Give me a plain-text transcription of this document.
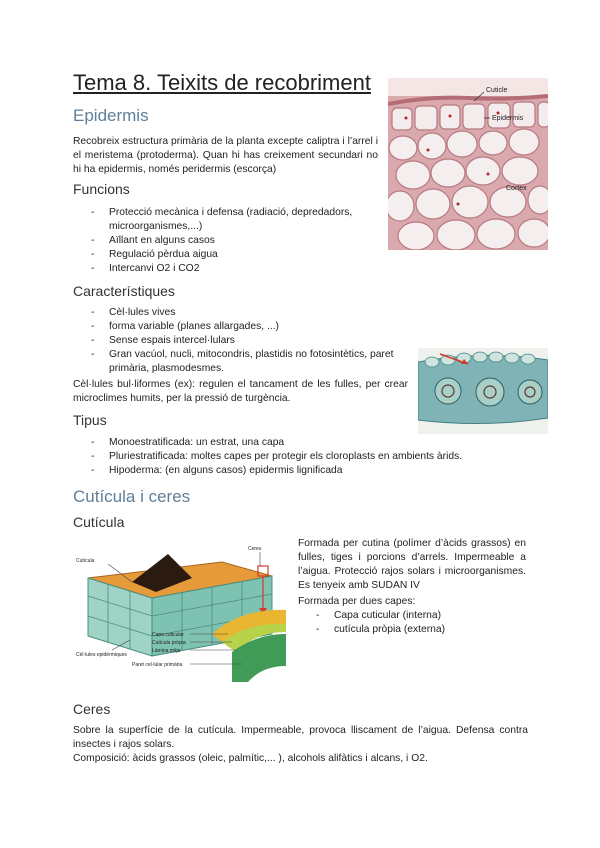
Tema 8. Teixits de recobriment
Epidermis

Recobreix estructura primària de la planta excepte caliptra i l’arrel i el meristema (protoderma). Quan hi has creixement secundari no hi ha epidermis, només peridermis (escorça)

Funcions
- Protecció mecànica i defensa (radiació, depredadors, microorganismes,...)
- Aïllant en alguns casos
- Regulació pèrdua aigua
- Intercanvi O2 i CO2
Característiques
- Cèl·lules vives
- forma variable (planes allargades, ...)
- Sense espais intercel·lulars
- Gran vacúol, nucli, mitocondris, plastidis no fotosintètics, paret primària, plasmodesmes.

Cèl·lules bul·liformes (ex): regulen el tancament de les fulles, per crear microclimes humits, per la pressió de turgència.

Tipus
- Monoestratificada: un estrat, una capa
- Pluriestratificada: moltes capes per protegir els cloroplasts en ambients àrids.
- Hipoderma: (en alguns casos) epidermis lignificada
Cuticle
Epidermis
Cortex
Cutícula i ceres
Cutícula
Cutícula
Ceres
Cèl·lules epidèrmiques
Capa cuticular
Cutícula pròpia
Làmina mitja
Paret cel·lular primària

Formada per cutina (polímer d’àcids grassos) en fulles, tiges i porcions d’arrels. Impermeable a l’aigua. Protecció rajos solars i microorganismes. Es tenyeix amb SUDAN IV

Formada per dues capes:

- Capa cuticular (interna)
- cutícula pròpia (externa)
Ceres

Sobre la superfície de la cutícula. Impermeable, provoca lliscament de l’aigua. Defensa contra insectes i rajos solars.

Composició: àcids grassos (oleic, palmític,... ), alcohols alifàtics i alcans, i O2.
